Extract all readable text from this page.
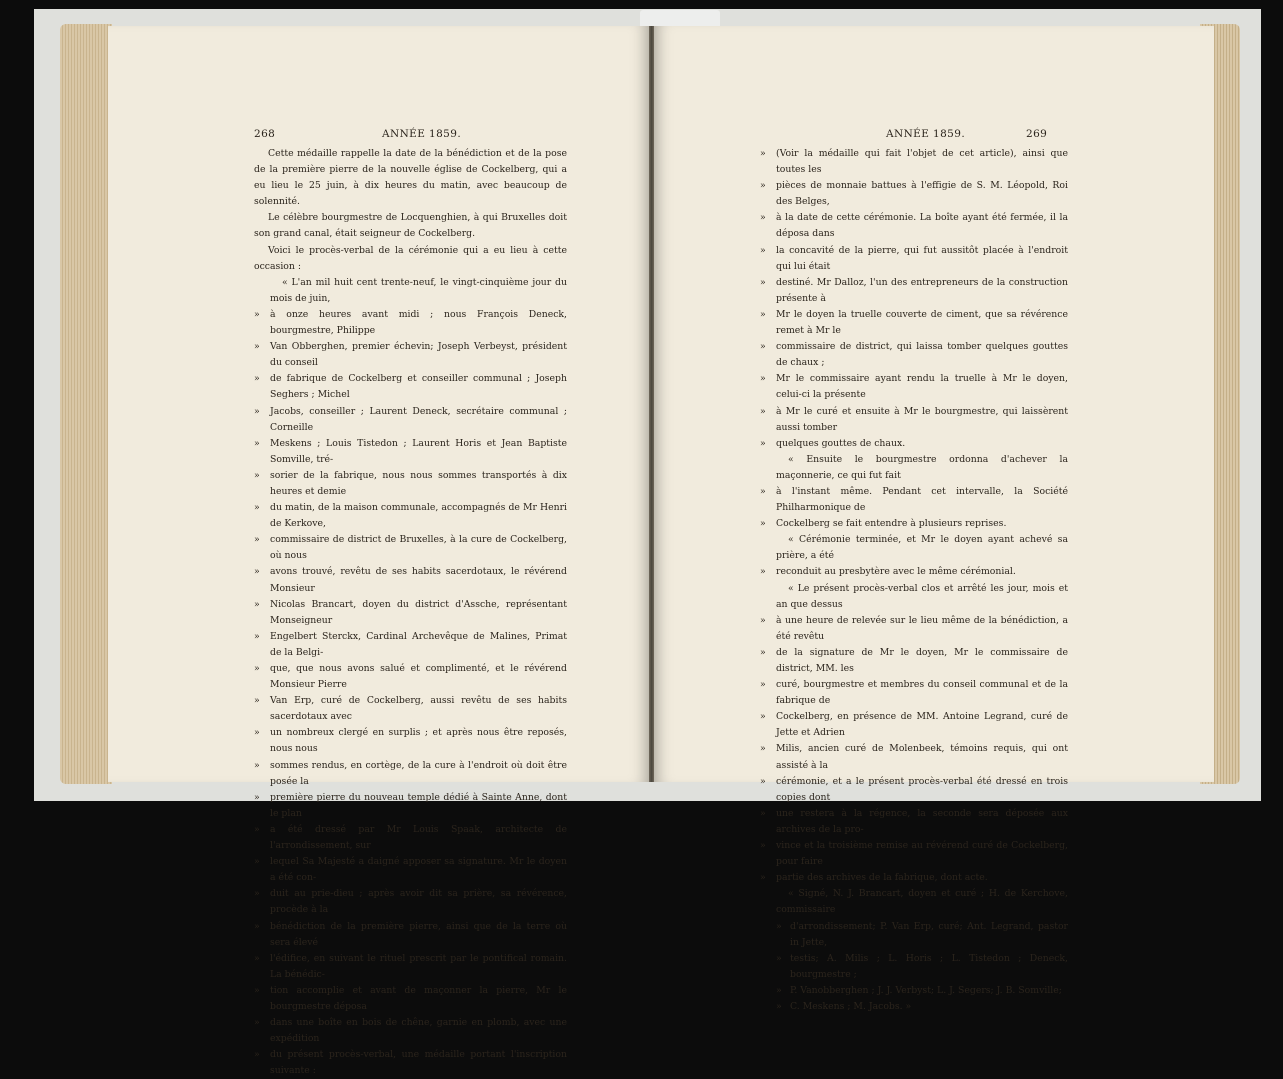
268	ANNÉE 1859.

Cette médaille rappelle la date de la bénédiction et de la pose de la première pierre de la nouvelle église de Cockelberg, qui a eu lieu le 25 juin, à dix heures du matin, avec beaucoup de solennité.

Le célèbre bourgmestre de Locquenghien, à qui Bruxelles doit son grand canal, était seigneur de Cockelberg.

Voici le procès-verbal de la cérémonie qui a eu lieu à cette occasion :

« L'an mil huit cent trente-neuf, le vingt-cinquième jour du mois de juin,

» à onze heures avant midi ; nous François Deneck, bourgmestre, Philippe

» Van Obberghen, premier échevin; Joseph Verbeyst, président du conseil

» de fabrique de Cockelberg et conseiller communal ; Joseph Seghers ; Michel

» Jacobs, conseiller ; Laurent Deneck, secrétaire communal ; Corneille

» Meskens ; Louis Tistedon ; Laurent Horis et Jean Baptiste Somville, tré-

» sorier de la fabrique, nous nous sommes transportés à dix heures et demie

» du matin, de la maison communale, accompagnés de Mr Henri de Kerkove,

» commissaire de district de Bruxelles, à la cure de Cockelberg, où nous

» avons trouvé, revêtu de ses habits sacerdotaux, le révérend Monsieur

» Nicolas Brancart, doyen du district d'Assche, représentant Monseigneur

» Engelbert Sterckx, Cardinal Archevêque de Malines, Primat de la Belgi-

» que, que nous avons salué et complimenté, et le révérend Monsieur Pierre

» Van Erp, curé de Cockelberg, aussi revêtu de ses habits sacerdotaux avec

» un nombreux clergé en surplis ; et après nous être reposés, nous nous

» sommes rendus, en cortège, de la cure à l'endroit où doit être posée la

» première pierre du nouveau temple dédié à Sainte Anne, dont le plan

» a été dressé par Mr Louis Spaak, architecte de l'arrondissement, sur

» lequel Sa Majesté a daigné apposer sa signature. Mr le doyen a été con-

» duit au prie-dieu ; après avoir dit sa prière, sa révérence, procède à la

» bénédiction de la première pierre, ainsi que de la terre où sera élevé

» l'édifice, en suivant le rituel prescrit par le pontifical romain. La bénédic-

» tion accomplie et avant de maçonner la pierre, Mr le bourgmestre déposa

» dans une boîte en bois de chêne, garnie en plomb, avec une expédition

» du présent procès-verbal, une médaille portant l'inscription suivante :

ANNÉE 1859.	269

» (Voir la médaille qui fait l'objet de cet article), ainsi que toutes les

» pièces de monnaie battues à l'effigie de S. M. Léopold, Roi des Belges,

» à la date de cette cérémonie. La boîte ayant été fermée, il la déposa dans

» la concavité de la pierre, qui fut aussitôt placée à l'endroit qui lui était

» destiné. Mr Dalloz, l'un des entrepreneurs de la construction présente à

» Mr le doyen la truelle couverte de ciment, que sa révérence remet à Mr le

» commissaire de district, qui laissa tomber quelques gouttes de chaux ;

» Mr le commissaire ayant rendu la truelle à Mr le doyen, celui-ci la présente

» à Mr le curé et ensuite à Mr le bourgmestre, qui laissèrent aussi tomber

» quelques gouttes de chaux.

« Ensuite le bourgmestre ordonna d'achever la maçonnerie, ce qui fut fait

» à l'instant même. Pendant cet intervalle, la Société Philharmonique de

» Cockelberg se fait entendre à plusieurs reprises.

« Cérémonie terminée, et Mr le doyen ayant achevé sa prière, a été

» reconduit au presbytère avec le même cérémonial.

« Le présent procès-verbal clos et arrêté les jour, mois et an que dessus

» à une heure de relevée sur le lieu même de la bénédiction, a été revêtu

» de la signature de Mr le doyen, Mr le commissaire de district, MM. les

» curé, bourgmestre et membres du conseil communal et de la fabrique de

» Cockelberg, en présence de MM. Antoine Legrand, curé de Jette et Adrien

» Milis, ancien curé de Molenbeek, témoins requis, qui ont assisté à la

» cérémonie, et a le présent procès-verbal été dressé en trois copies dont

» une restera à la régence, la seconde sera déposée aux archives de la pro-

» vince et la troisième remise au révérend curé de Cockelberg, pour faire

» partie des archives de la fabrique, dont acte.

« Signé, N. J. Brancart, doyen et curé ; H. de Kerchove, commissaire

» d'arrondissement; P. Van Erp, curé; Ant. Legrand, pastor in Jette,

» testis; A. Milis ; L. Horis ; L. Tistedon ; Deneck, bourgmestre ;

» P. Vanobberghen ; J. J. Verbyst; L. J. Segers; J. B. Somville;

» C. Meskens ; M. Jacobs. »
